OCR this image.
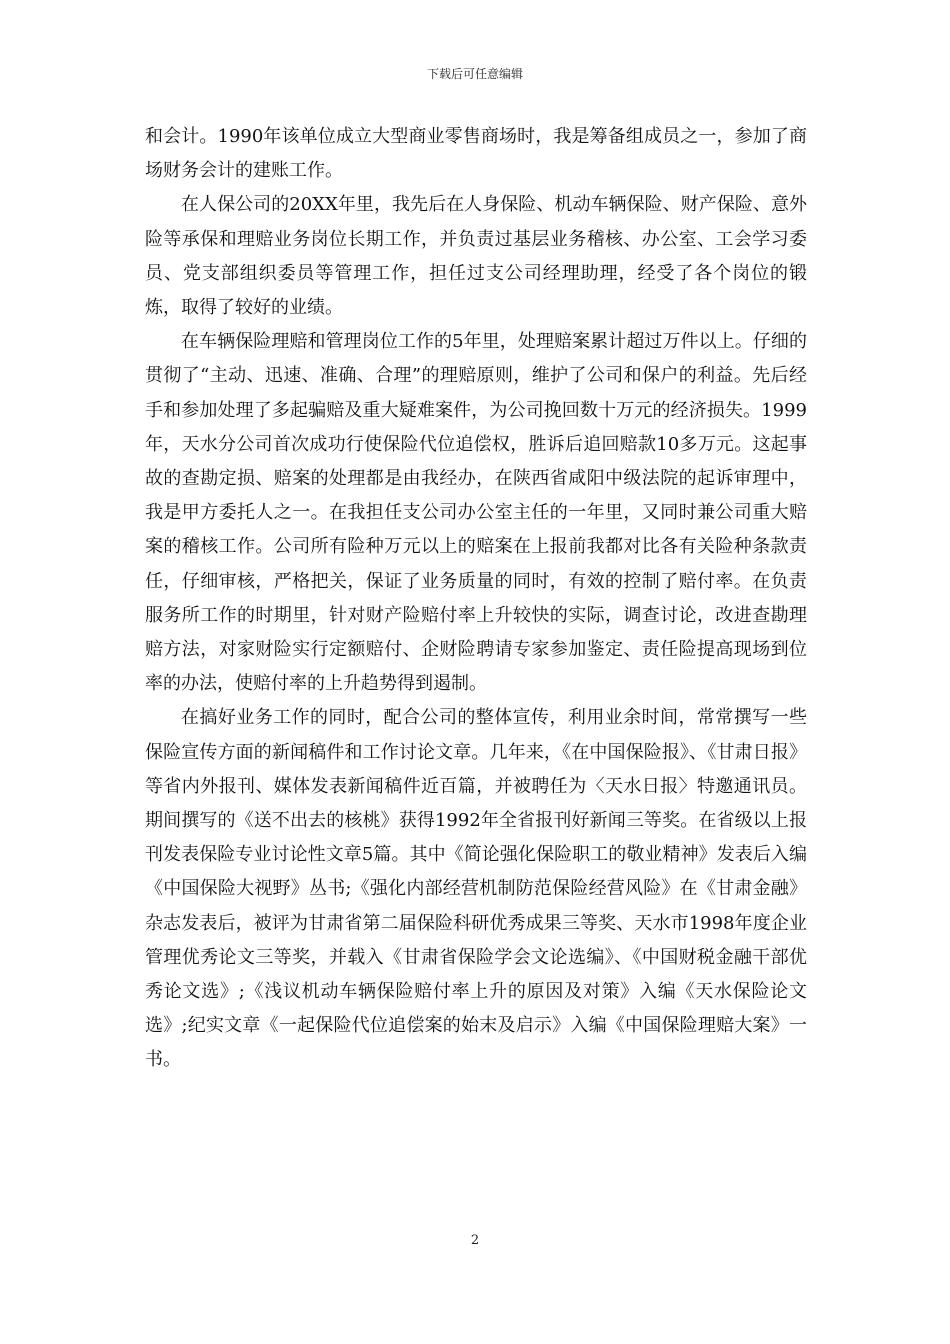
下载后可任意编辑

和会计。1990年该单位成立大型商业零售商场时，我是筹备组成员之一，参加了商场财务会计的建账工作。

在人保公司的20XX年里，我先后在人身保险、机动车辆保险、财产保险、意外险等承保和理赔业务岗位长期工作，并负责过基层业务稽核、办公室、工会学习委员、党支部组织委员等管理工作，担任过支公司经理助理，经受了各个岗位的锻炼，取得了较好的业绩。

在车辆保险理赔和管理岗位工作的5年里，处理赔案累计超过万件以上。仔细的贯彻了“主动、迅速、准确、合理”的理赔原则，维护了公司和保户的利益。先后经手和参加处理了多起骗赔及重大疑难案件，为公司挽回数十万元的经济损失。1999年，天水分公司首次成功行使保险代位追偿权，胜诉后追回赔款10多万元。这起事故的查勘定损、赔案的处理都是由我经办，在陕西省咸阳中级法院的起诉审理中，我是甲方委托人之一。在我担任支公司办公室主任的一年里，又同时兼公司重大赔案的稽核工作。公司所有险种万元以上的赔案在上报前我都对比各有关险种条款责任，仔细审核，严格把关，保证了业务质量的同时，有效的控制了赔付率。在负责服务所工作的时期里，针对财产险赔付率上升较快的实际，调查讨论，改进查勘理赔方法，对家财险实行定额赔付、企财险聘请专家参加鉴定、责任险提高现场到位率的办法，使赔付率的上升趋势得到遏制。

在搞好业务工作的同时，配合公司的整体宣传，利用业余时间，常常撰写一些保险宣传方面的新闻稿件和工作讨论文章。几年来，《在中国保险报》、《甘肃日报》等省内外报刊、媒体发表新闻稿件近百篇，并被聘任为〈天水日报〉特邀通讯员。期间撰写的《送不出去的核桃》获得1992年全省报刊好新闻三等奖。在省级以上报刊发表保险专业讨论性文章5篇。其中《简论强化保险职工的敬业精神》发表后入编《中国保险大视野》丛书;《强化内部经营机制防范保险经营风险》在《甘肃金融》杂志发表后，被评为甘肃省第二届保险科研优秀成果三等奖、天水市1998年度企业管理优秀论文三等奖，并载入《甘肃省保险学会文论选编》、《中国财税金融干部优秀论文选》;《浅议机动车辆保险赔付率上升的原因及对策》入编《天水保险论文选》;纪实文章《一起保险代位追偿案的始末及启示》入编《中国保险理赔大案》一书。

2
